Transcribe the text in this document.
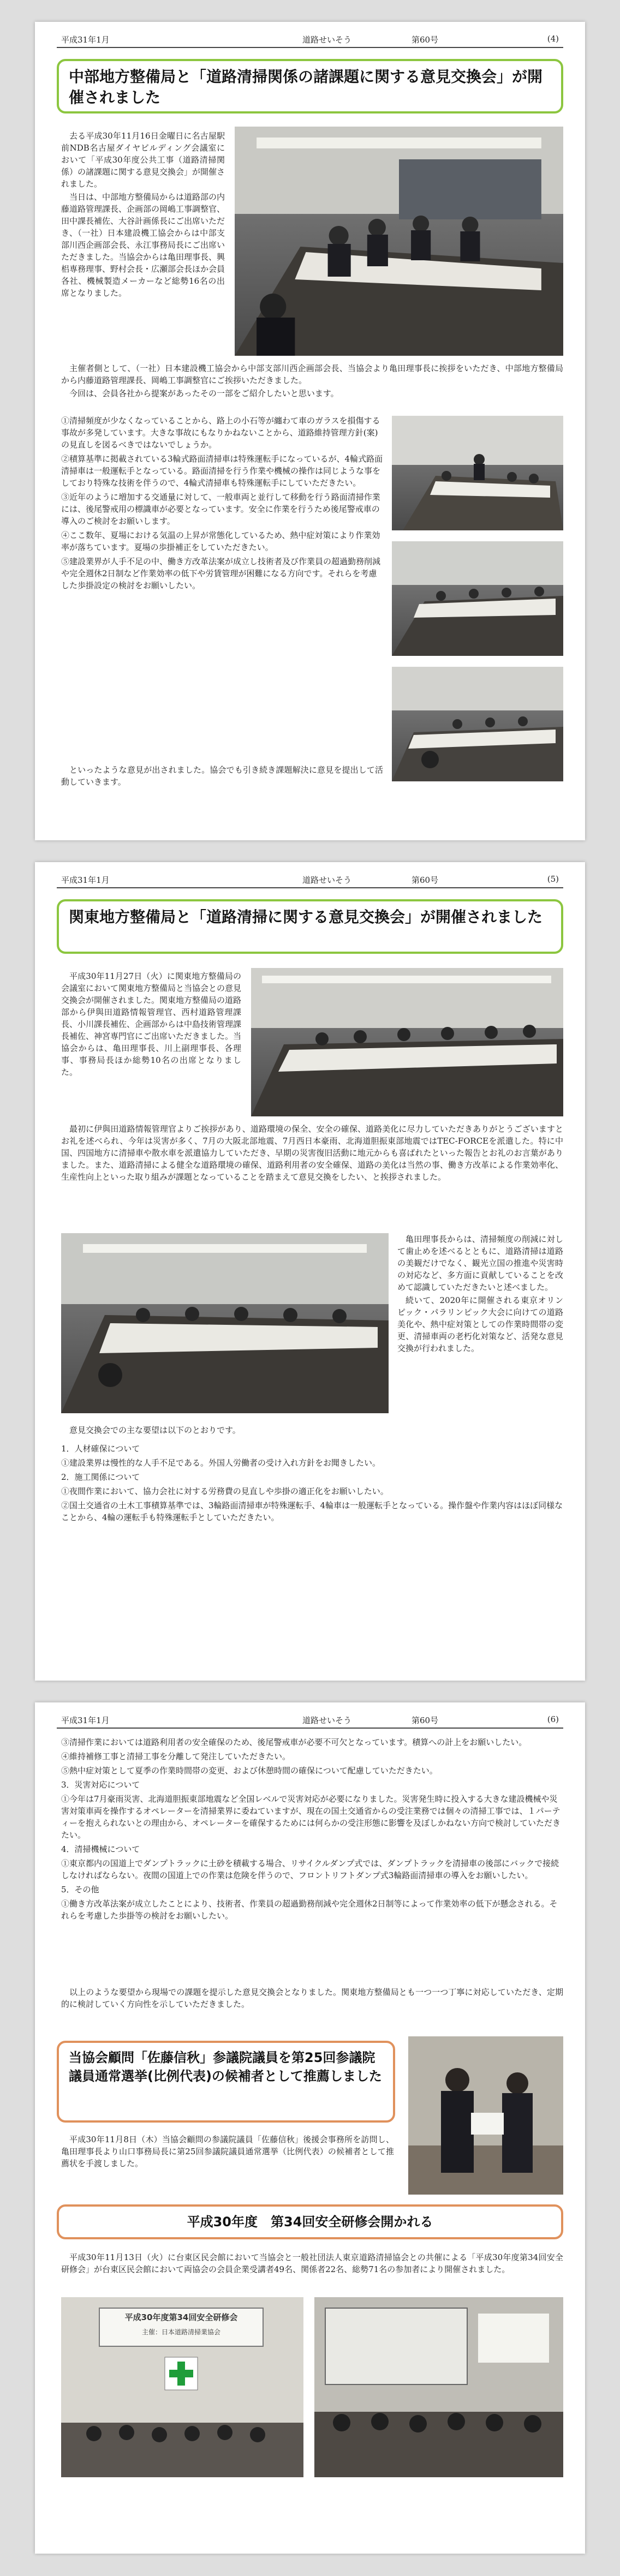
平成31年1月	道路せいそう	第60号	(4)
中部地方整備局と「道路清掃関係の諸課題に関する意見交換会」が開催されました

去る平成30年11月16日金曜日に名古屋駅前NDB名古屋ダイヤビルディング会議室において「平成30年度公共工事（道路清掃関係）の諸課題に関する意見交換会」が開催されました。

当日は、中部地方整備局からは道路部の内藤道路管理課長、企画部の岡嶋工事調整官、田中課長補佐、大谷計画係長にご出席いただき、（一社）日本建設機工協会からは中部支部川西企画部会長、永江事務局長にご出席いただきました。当協会からは亀田理事長、興梠専務理事、野村会長・広瀬部会長ほか会員各社、機械製造メーカーなど総勢16名の出席となりました。

主催者側として、（一社）日本建設機工協会から中部支部川西企画部会長、当協会より亀田理事長に挨拶をいただき、中部地方整備局から内藤道路管理課長、岡嶋工事調整官にご挨拶いただきました。

今回は、会員各社から提案があったその一部をご紹介したいと思います。

①清掃頻度が少なくなっていることから、路上の小石等が纏わて車のガラスを損傷する事故が多発しています。大きな事故にもなりかねないことから、道路維持管理方針(案)の見直しを図るべきではないでしょうか。
②積算基準に掲載されている3輪式路面清掃車は特殊運転手になっているが、4輪式路面清掃車は一般運転手となっている。路面清掃を行う作業や機械の操作は同じような事をしており特殊な技術を伴うので、4輪式清掃車も特殊運転手にしていただきたい。
③近年のように増加する交通量に対して、一般車両と並行して移動を行う路面清掃作業には、後尾警戒用の標識車が必要となっています。安全に作業を行うため後尾警戒車の導入のご検討をお願いします。
④ここ数年、夏場における気温の上昇が常態化しているため、熱中症対策により作業効率が落ちています。夏場の歩掛補正をしていただきたい。
⑤建設業界が人手不足の中、働き方改革法案が成立し技術者及び作業員の超過勤務削減や完全週休2日制など作業効率の低下や労賃管理が困難になる方向です。それらを考慮した歩掛設定の検討をお願いしたい。

といったような意見が出されました。協会でも引き続き課題解決に意見を提出して活動していきます。

平成31年1月	道路せいそう	第60号	(5)
関東地方整備局と「道路清掃に関する意見交換会」が開催されました

平成30年11月27日（火）に関東地方整備局の会議室において関東地方整備局と当協会との意見交換会が開催されました。関東地方整備局の道路部から伊與田道路情報管理官、西村道路管理課長、小川課長補佐、企画部からは中島技術管理課長補佐、神宮専門官にご出席いただきました。当協会からは、亀田理事長、川上副理事長、各理事、事務局長ほか総勢10名の出席となりました。

最初に伊與田道路情報管理官よりご挨拶があり、道路環境の保全、安全の確保、道路美化に尽力していただきありがとうございますとお礼を述べられ、今年は災害が多く、7月の大阪北部地震、7月西日本豪雨、北海道胆振東部地震ではTEC-FORCEを派遣した。特に中国、四国地方に清掃車や散水車を派遣協力していただき、早期の災害復旧活動に地元からも喜ばれたといった報告とお礼のお言葉がありました。また、道路清掃による健全な道路環境の確保、道路利用者の安全確保、道路の美化は当然の事、働き方改革による作業効率化、生産性向上といった取り組みが課題となっていることを踏まえて意見交換をしたい、と挨拶されました。

亀田理事長からは、清掃頻度の削減に対して歯止めを述べるとともに、道路清掃は道路の美観だけでなく、観光立国の推進や災害時の対応など、多方面に貢献していることを改めて認識していただきたいと述べました。

続いて、2020年に開催される東京オリンピック・パラリンピック大会に向けての道路美化や、熱中症対策としての作業時間帯の変更、清掃車両の老朽化対策など、活発な意見交換が行われました。

意見交換会での主な要望は以下のとおりです。

1．人材確保について
①建設業界は慢性的な人手不足である。外国人労働者の受け入れ方針をお聞きしたい。
2．施工関係について
①夜間作業において、協力会社に対する労務費の見直しや歩掛の適正化をお願いしたい。
②国土交通省の土木工事積算基準では、3輪路面清掃車が特殊運転手、4輪車は一般運転手となっている。操作盤や作業内容はほぼ同様なことから、4輪の運転手も特殊運転手としていただきたい。
平成31年1月	道路せいそう	第60号	(6)
③清掃作業においては道路利用者の安全確保のため、後尾警戒車が必要不可欠となっています。積算への計上をお願いしたい。
④維持補修工事と清掃工事を分離して発注していただきたい。
⑤熱中症対策として夏季の作業時間帯の変更、および休憩時間の確保について配慮していただきたい。
3．災害対応について
①今年は7月豪雨災害、北海道胆振東部地震など全国レベルで災害対応が必要になりました。災害発生時に投入する大きな建設機械や災害対策車両を操作するオペレーターを清掃業界に委ねていますが、現在の国土交通省からの受注業務では個々の清掃工事では、１パーティーを抱えられないとの理由から、オペレーターを確保するためには何らかの受注形態に影響を及ぼしかねない方向で検討していただきたい。
4．清掃機械について
①東京都内の国道上でダンプトラックに土砂を積載する場合、リサイクルダンプ式では、ダンプトラックを清掃車の後部にバックで接続しなければならない。夜間の国道上での作業は危険を伴うので、フロントリフトダンプ式3輪路面清掃車の導入をお願いしたい。
5．その他
①働き方改革法案が成立したことにより、技術者、作業員の超過勤務削減や完全週休2日制等によって作業効率の低下が懸念される。それらを考慮した歩掛等の検討をお願いしたい。

以上のような要望から現場での課題を提示した意見交換会となりました。関東地方整備局とも一つ一つ丁寧に対応していただき、定期的に検討していく方向性を示していただきました。

当協会顧問「佐藤信秋」参議院議員を第25回参議院議員通常選挙(比例代表)の候補者として推薦しました

平成30年11月8日（木）当協会顧問の参議院議員「佐藤信秋」後援会事務所を訪問し、亀田理事長より山口事務局長に第25回参議院議員通常選挙（比例代表）の候補者として推薦状を手渡しました。

平成30年度　第34回安全研修会開かれる

平成30年11月13日（火）に台東区民会館において当協会と一般社団法人東京道路清掃協会との共催による「平成30年度第34回安全研修会」が台東区民会館において両協会の会員企業受講者49名、関係者22名、総勢71名の参加者により開催されました。

平成30年度第34回安全研修会
主催：日本道路清掃業協会
